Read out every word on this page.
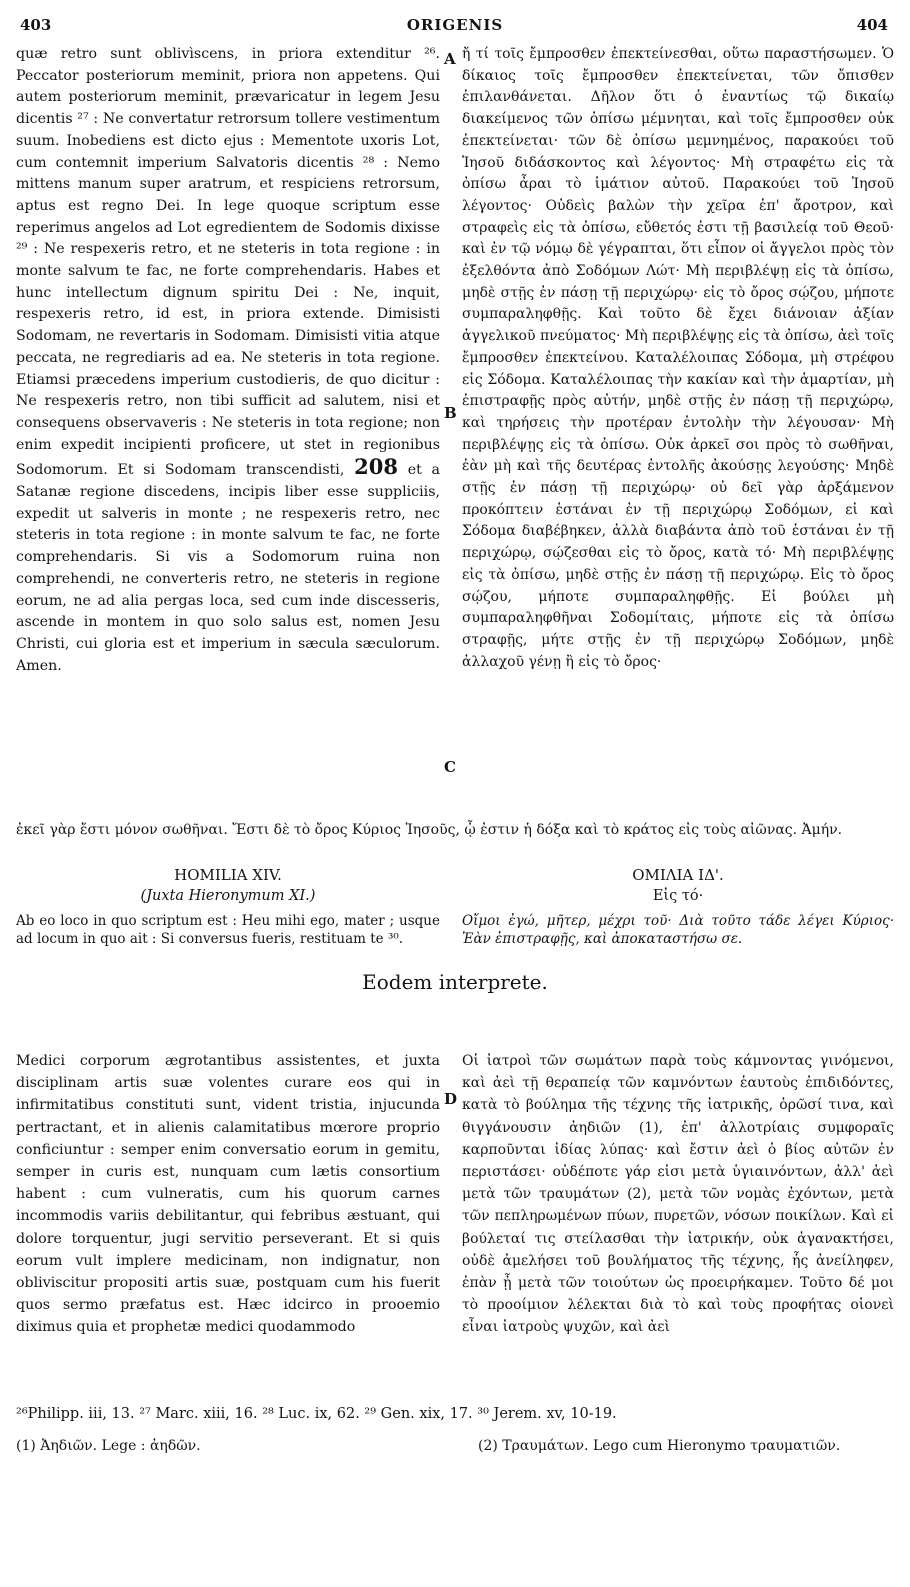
403	ORIGENIS	404

quæ retro sunt oblivìscens, in priora extenditur ²⁶. Peccator posteriorum meminit, priora non appetens. Qui autem posteriorum meminit, prævaricatur in legem Jesu dicentis ²⁷ : Ne convertatur retrorsum tollere vestimentum suum. Inobediens est dicto ejus : Mementote uxoris Lot, cum contemnit imperium Salvatoris dicentis ²⁸ : Nemo mittens manum super aratrum, et respiciens retrorsum, aptus est regno Dei. In lege quoque scriptum esse reperimus angelos ad Lot egredientem de Sodomis dixisse ²⁹ : Ne respexeris retro, et ne steteris in tota regione : in monte salvum te fac, ne forte comprehendaris. Habes et hunc intellectum dignum spiritu Dei : Ne, inquit, respexeris retro, id est, in priora extende. Dimisisti Sodomam, ne revertaris in Sodomam. Dimisisti vitia atque peccata, ne regrediaris ad ea. Ne steteris in tota regione. Etiamsi præcedens imperium custodieris, de quo dicitur : Ne respexeris retro, non tibi sufficit ad salutem, nisi et consequens observaveris : Ne steteris in tota regione; non enim expedit incipienti proficere, ut stet in regionibus Sodomorum. Et si Sodomam transcendisti, 208 et a Satanæ regione discedens, incipis liber esse suppliciis, expedit ut salveris in monte ; ne respexeris retro, nec steteris in tota regione : in monte salvum te fac, ne forte comprehendaris. Si vis a Sodomorum ruina non comprehendi, ne converteris retro, ne steteris in regione eorum, ne ad alia pergas loca, sed cum inde discesseris, ascende in montem in quo solo salus est, nomen Jesu Christi, cui gloria est et imperium in sæcula sæculorum. Amen.

ἤ τί τοῖς ἔμπροσθεν ἐπεκτείνεσθαι, οὕτω παραστήσωμεν. Ὁ δίκαιος τοῖς ἔμπροσθεν ἐπεκτείνεται, τῶν ὄπισθεν ἐπιλανθάνεται. Δῆλον ὅτι ὁ ἐναντίως τῷ δικαίῳ διακείμενος τῶν ὀπίσω μέμνηται, καὶ τοῖς ἔμπροσθεν οὐκ ἐπεκτείνεται· τῶν δὲ ὀπίσω μεμνημένος, παρακούει τοῦ Ἰησοῦ διδάσκοντος καὶ λέγοντος· Μὴ στραφέτω εἰς τὰ ὀπίσω ἆραι τὸ ἱμάτιον αὐτοῦ. Παρακούει τοῦ Ἰησοῦ λέγοντος· Οὐδεὶς βαλὼν τὴν χεῖρα ἐπ' ἄροτρον, καὶ στραφεὶς εἰς τὰ ὀπίσω, εὔθετός ἐστι τῇ βασιλείᾳ τοῦ Θεοῦ· καὶ ἐν τῷ νόμῳ δὲ γέγραπται, ὅτι εἶπον οἱ ἄγγελοι πρὸς τὸν ἐξελθόντα ἀπὸ Σοδόμων Λώτ· Μὴ περιβλέψῃ εἰς τὰ ὀπίσω, μηδὲ στῇς ἐν πάσῃ τῇ περιχώρῳ· εἰς τὸ ὄρος σῴζου, μήποτε συμπαραληφθῇς. Καὶ τοῦτο δὲ ἔχει διάνοιαν ἀξίαν ἀγγελικοῦ πνεύματος· Μὴ περιβλέψῃς εἰς τὰ ὀπίσω, ἀεὶ τοῖς ἔμπροσθεν ἐπεκτείνου. Καταλέλοιπας Σόδομα, μὴ στρέφου εἰς Σόδομα. Καταλέλοιπας τὴν κακίαν καὶ τὴν ἁμαρτίαν, μὴ ἐπιστραφῇς πρὸς αὐτήν, μηδὲ στῇς ἐν πάσῃ τῇ περιχώρῳ, καὶ τηρήσεις τὴν προτέραν ἐντολὴν τὴν λέγουσαν· Μὴ περιβλέψῃς εἰς τὰ ὀπίσω. Οὐκ ἀρκεῖ σοι πρὸς τὸ σωθῆναι, ἐὰν μὴ καὶ τῆς δευτέρας ἐντολῆς ἀκούσῃς λεγούσης· Μηδὲ στῇς ἐν πάσῃ τῇ περιχώρῳ· οὐ δεῖ γὰρ ἀρξάμενον προκόπτειν ἑστάναι ἐν τῇ περιχώρῳ Σοδόμων, εἰ καὶ Σόδομα διαβέβηκεν, ἀλλὰ διαβάντα ἀπὸ τοῦ ἑστάναι ἐν τῇ περιχώρῳ, σῴζεσθαι εἰς τὸ ὄρος, κατὰ τό· Μὴ περιβλέψῃς εἰς τὰ ὀπίσω, μηδὲ στῇς ἐν πάσῃ τῇ περιχώρῳ. Εἰς τὸ ὄρος σῴζου, μήποτε συμπαραληφθῇς. Εἰ βούλει μὴ συμπαραληφθῆναι Σοδομίταις, μήποτε εἰς τὰ ὀπίσω στραφῇς, μήτε στῇς ἐν τῇ περιχώρῳ Σοδόμων, μηδὲ ἀλλαχοῦ γένῃ ἢ εἰς τὸ ὄρος·

A
B
C
D
ἐκεῖ γὰρ ἔστι μόνον σωθῆναι. Ἔστι δὲ τὸ ὄρος Κύριος Ἰησοῦς, ᾧ ἐστιν ἡ δόξα καὶ τὸ κράτος εἰς τοὺς αἰῶνας. Ἀμήν.
HOMILIA XIV.
(Juxta Hieronymum XI.)
Ab eo loco in quo scriptum est : Heu mihi ego, mater ; usque ad locum in quo ait : Si conversus fueris, restituam te ³⁰.
ΟΜΙΛΙΑ ΙΔ'.
Εἰς τό·
Οἴμοι ἐγώ, μῆτερ, μέχρι τοῦ· Διὰ τοῦτο τάδε λέγει Κύριος· Ἐὰν ἐπιστραφῇς, καὶ ἀποκαταστήσω σε.
Eodem interprete.
Medici corporum ægrotantibus assistentes, et juxta disciplinam artis suæ volentes curare eos qui in infirmitatibus constituti sunt, vident tristia, injucunda pertractant, et in alienis calamitatibus mœrore proprio conficiuntur : semper enim conversatio eorum in gemitu, semper in curis est, nunquam cum lætis consortium habent : cum vulneratis, cum his quorum carnes incommodis variis debilitantur, qui febribus æstuant, qui dolore torquentur, jugi servitio perseverant. Et si quis eorum vult implere medicinam, non indignatur, non obliviscitur propositi artis suæ, postquam cum his fuerit quos sermo præfatus est. Hæc idcirco in prooemio diximus quia et prophetæ medici quodammodo
Οἱ ἰατροὶ τῶν σωμάτων παρὰ τοὺς κάμνοντας γινόμενοι, καὶ ἀεὶ τῇ θεραπείᾳ τῶν καμνόντων ἑαυτοὺς ἐπιδιδόντες, κατὰ τὸ βούλημα τῆς τέχνης τῆς ἰατρικῆς, ὁρῶσί τινα, καὶ θιγγάνουσιν ἀηδιῶν (1), ἐπ' ἀλλοτρίαις συμφοραῖς καρποῦνται ἰδίας λύπας· καὶ ἔστιν ἀεὶ ὁ βίος αὐτῶν ἐν περιστάσει· οὐδέποτε γάρ εἰσι μετὰ ὑγιαινόντων, ἀλλ' ἀεὶ μετὰ τῶν τραυμάτων (2), μετὰ τῶν νομὰς ἐχόντων, μετὰ τῶν πεπληρωμένων πύων, πυρετῶν, νόσων ποικίλων. Καὶ εἰ βούλεταί τις στείλασθαι τὴν ἰατρικήν, οὐκ ἀγανακτήσει, οὐδὲ ἀμελήσει τοῦ βουλήματος τῆς τέχνης, ἧς ἀνείληφεν, ἐπὰν ᾖ μετὰ τῶν τοιούτων ὡς προειρήκαμεν. Τοῦτο δέ μοι τὸ προοίμιον λέλεκται διὰ τὸ καὶ τοὺς προφήτας οἱονεὶ εἶναι ἰατροὺς ψυχῶν, καὶ ἀεὶ
²⁶Philipp. iii, 13. ²⁷ Marc. xiii, 16. ²⁸ Luc. ix, 62. ²⁹ Gen. xix, 17. ³⁰ Jerem. xv, 10-19.
(1) Ἀηδιῶν. Lege : ἀηδῶν.	(2) Τραυμάτων. Lego cum Hieronymo τραυματιῶν.
